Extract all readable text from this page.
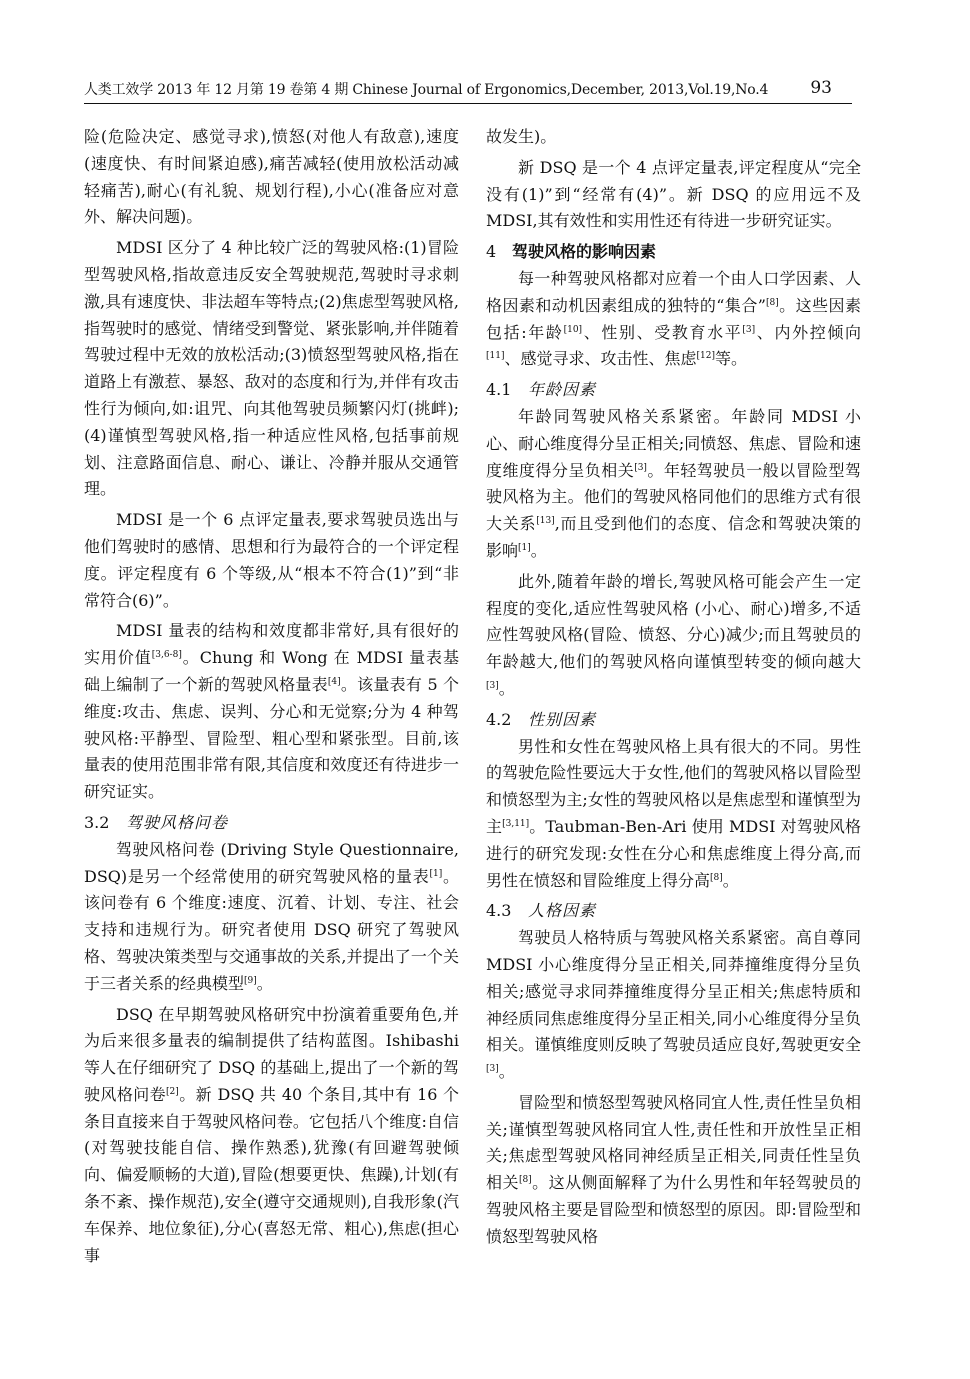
人类工效学 2013 年 12 月第 19 卷第 4 期 Chinese Journal of Ergonomics,December, 2013,Vol.19,No.4 93

险(危险决定、感觉寻求),愤怒(对他人有敌意),速度(速度快、有时间紧迫感),痛苦减轻(使用放松活动减轻痛苦),耐心(有礼貌、规划行程),小心(准备应对意外、解决问题)。

MDSI 区分了 4 种比较广泛的驾驶风格:(1)冒险型驾驶风格,指故意违反安全驾驶规范,驾驶时寻求刺激,具有速度快、非法超车等特点;(2)焦虑型驾驶风格,指驾驶时的感觉、情绪受到警觉、紧张影响,并伴随着驾驶过程中无效的放松活动;(3)愤怒型驾驶风格,指在道路上有激惹、暴怒、敌对的态度和行为,并伴有攻击性行为倾向,如:诅咒、向其他驾驶员频繁闪灯(挑衅);(4)谨慎型驾驶风格,指一种适应性风格,包括事前规划、注意路面信息、耐心、谦让、冷静并服从交通管理。

MDSI 是一个 6 点评定量表,要求驾驶员选出与他们驾驶时的感情、思想和行为最符合的一个评定程度。评定程度有 6 个等级,从“根本不符合(1)”到“非常符合(6)”。

MDSI 量表的结构和效度都非常好,具有很好的实用价值[3,6-8]。Chung 和 Wong 在 MDSI 量表基础上编制了一个新的驾驶风格量表[4]。该量表有 5 个维度:攻击、焦虑、误判、分心和无觉察;分为 4 种驾驶风格:平静型、冒险型、粗心型和紧张型。目前,该量表的使用范围非常有限,其信度和效度还有待进步一研究证实。

3.2 驾驶风格问卷

驾驶风格问卷 (Driving Style Questionnaire, DSQ)是另一个经常使用的研究驾驶风格的量表[1]。该问卷有 6 个维度:速度、沉着、计划、专注、社会支持和违规行为。研究者使用 DSQ 研究了驾驶风格、驾驶决策类型与交通事故的关系,并提出了一个关于三者关系的经典模型[9]。

DSQ 在早期驾驶风格研究中扮演着重要角色,并为后来很多量表的编制提供了结构蓝图。Ishibashi 等人在仔细研究了 DSQ 的基础上,提出了一个新的驾驶风格问卷[2]。新 DSQ 共 40 个条目,其中有 16 个条目直接来自于驾驶风格问卷。它包括八个维度:自信(对驾驶技能自信、操作熟悉),犹豫(有回避驾驶倾向、偏爱顺畅的大道),冒险(想要更快、焦躁),计划(有条不紊、操作规范),安全(遵守交通规则),自我形象(汽车保养、地位象征),分心(喜怒无常、粗心),焦虑(担心事

故发生)。

新 DSQ 是一个 4 点评定量表,评定程度从“完全没有(1)”到“经常有(4)”。新 DSQ 的应用远不及 MDSI,其有效性和实用性还有待进一步研究证实。

4 驾驶风格的影响因素

每一种驾驶风格都对应着一个由人口学因素、人格因素和动机因素组成的独特的“集合”[8]。这些因素包括:年龄[10]、性别、受教育水平[3]、内外控倾向[11]、感觉寻求、攻击性、焦虑[12]等。

4.1 年龄因素

年龄同驾驶风格关系紧密。年龄同 MDSI 小心、耐心维度得分呈正相关;同愤怒、焦虑、冒险和速度维度得分呈负相关[3]。年轻驾驶员一般以冒险型驾驶风格为主。他们的驾驶风格同他们的思维方式有很大关系[13],而且受到他们的态度、信念和驾驶决策的影响[1]。

此外,随着年龄的增长,驾驶风格可能会产生一定程度的变化,适应性驾驶风格 (小心、耐心)增多,不适应性驾驶风格(冒险、愤怒、分心)减少;而且驾驶员的年龄越大,他们的驾驶风格向谨慎型转变的倾向越大[3]。

4.2 性别因素

男性和女性在驾驶风格上具有很大的不同。男性的驾驶危险性要远大于女性,他们的驾驶风格以冒险型和愤怒型为主;女性的驾驶风格以是焦虑型和谨慎型为主[3,11]。Taubman-Ben-Ari 使用 MDSI 对驾驶风格进行的研究发现:女性在分心和焦虑维度上得分高,而男性在愤怒和冒险维度上得分高[8]。

4.3 人格因素

驾驶员人格特质与驾驶风格关系紧密。高自尊同 MDSI 小心维度得分呈正相关,同莽撞维度得分呈负相关;感觉寻求同莽撞维度得分呈正相关;焦虑特质和神经质同焦虑维度得分呈正相关,同小心维度得分呈负相关。谨慎维度则反映了驾驶员适应良好,驾驶更安全[3]。

冒险型和愤怒型驾驶风格同宜人性,责任性呈负相关;谨慎型驾驶风格同宜人性,责任性和开放性呈正相关;焦虑型驾驶风格同神经质呈正相关,同责任性呈负相关[8]。这从侧面解释了为什么男性和年轻驾驶员的驾驶风格主要是冒险型和愤怒型的原因。即:冒险型和愤怒型驾驶风格
